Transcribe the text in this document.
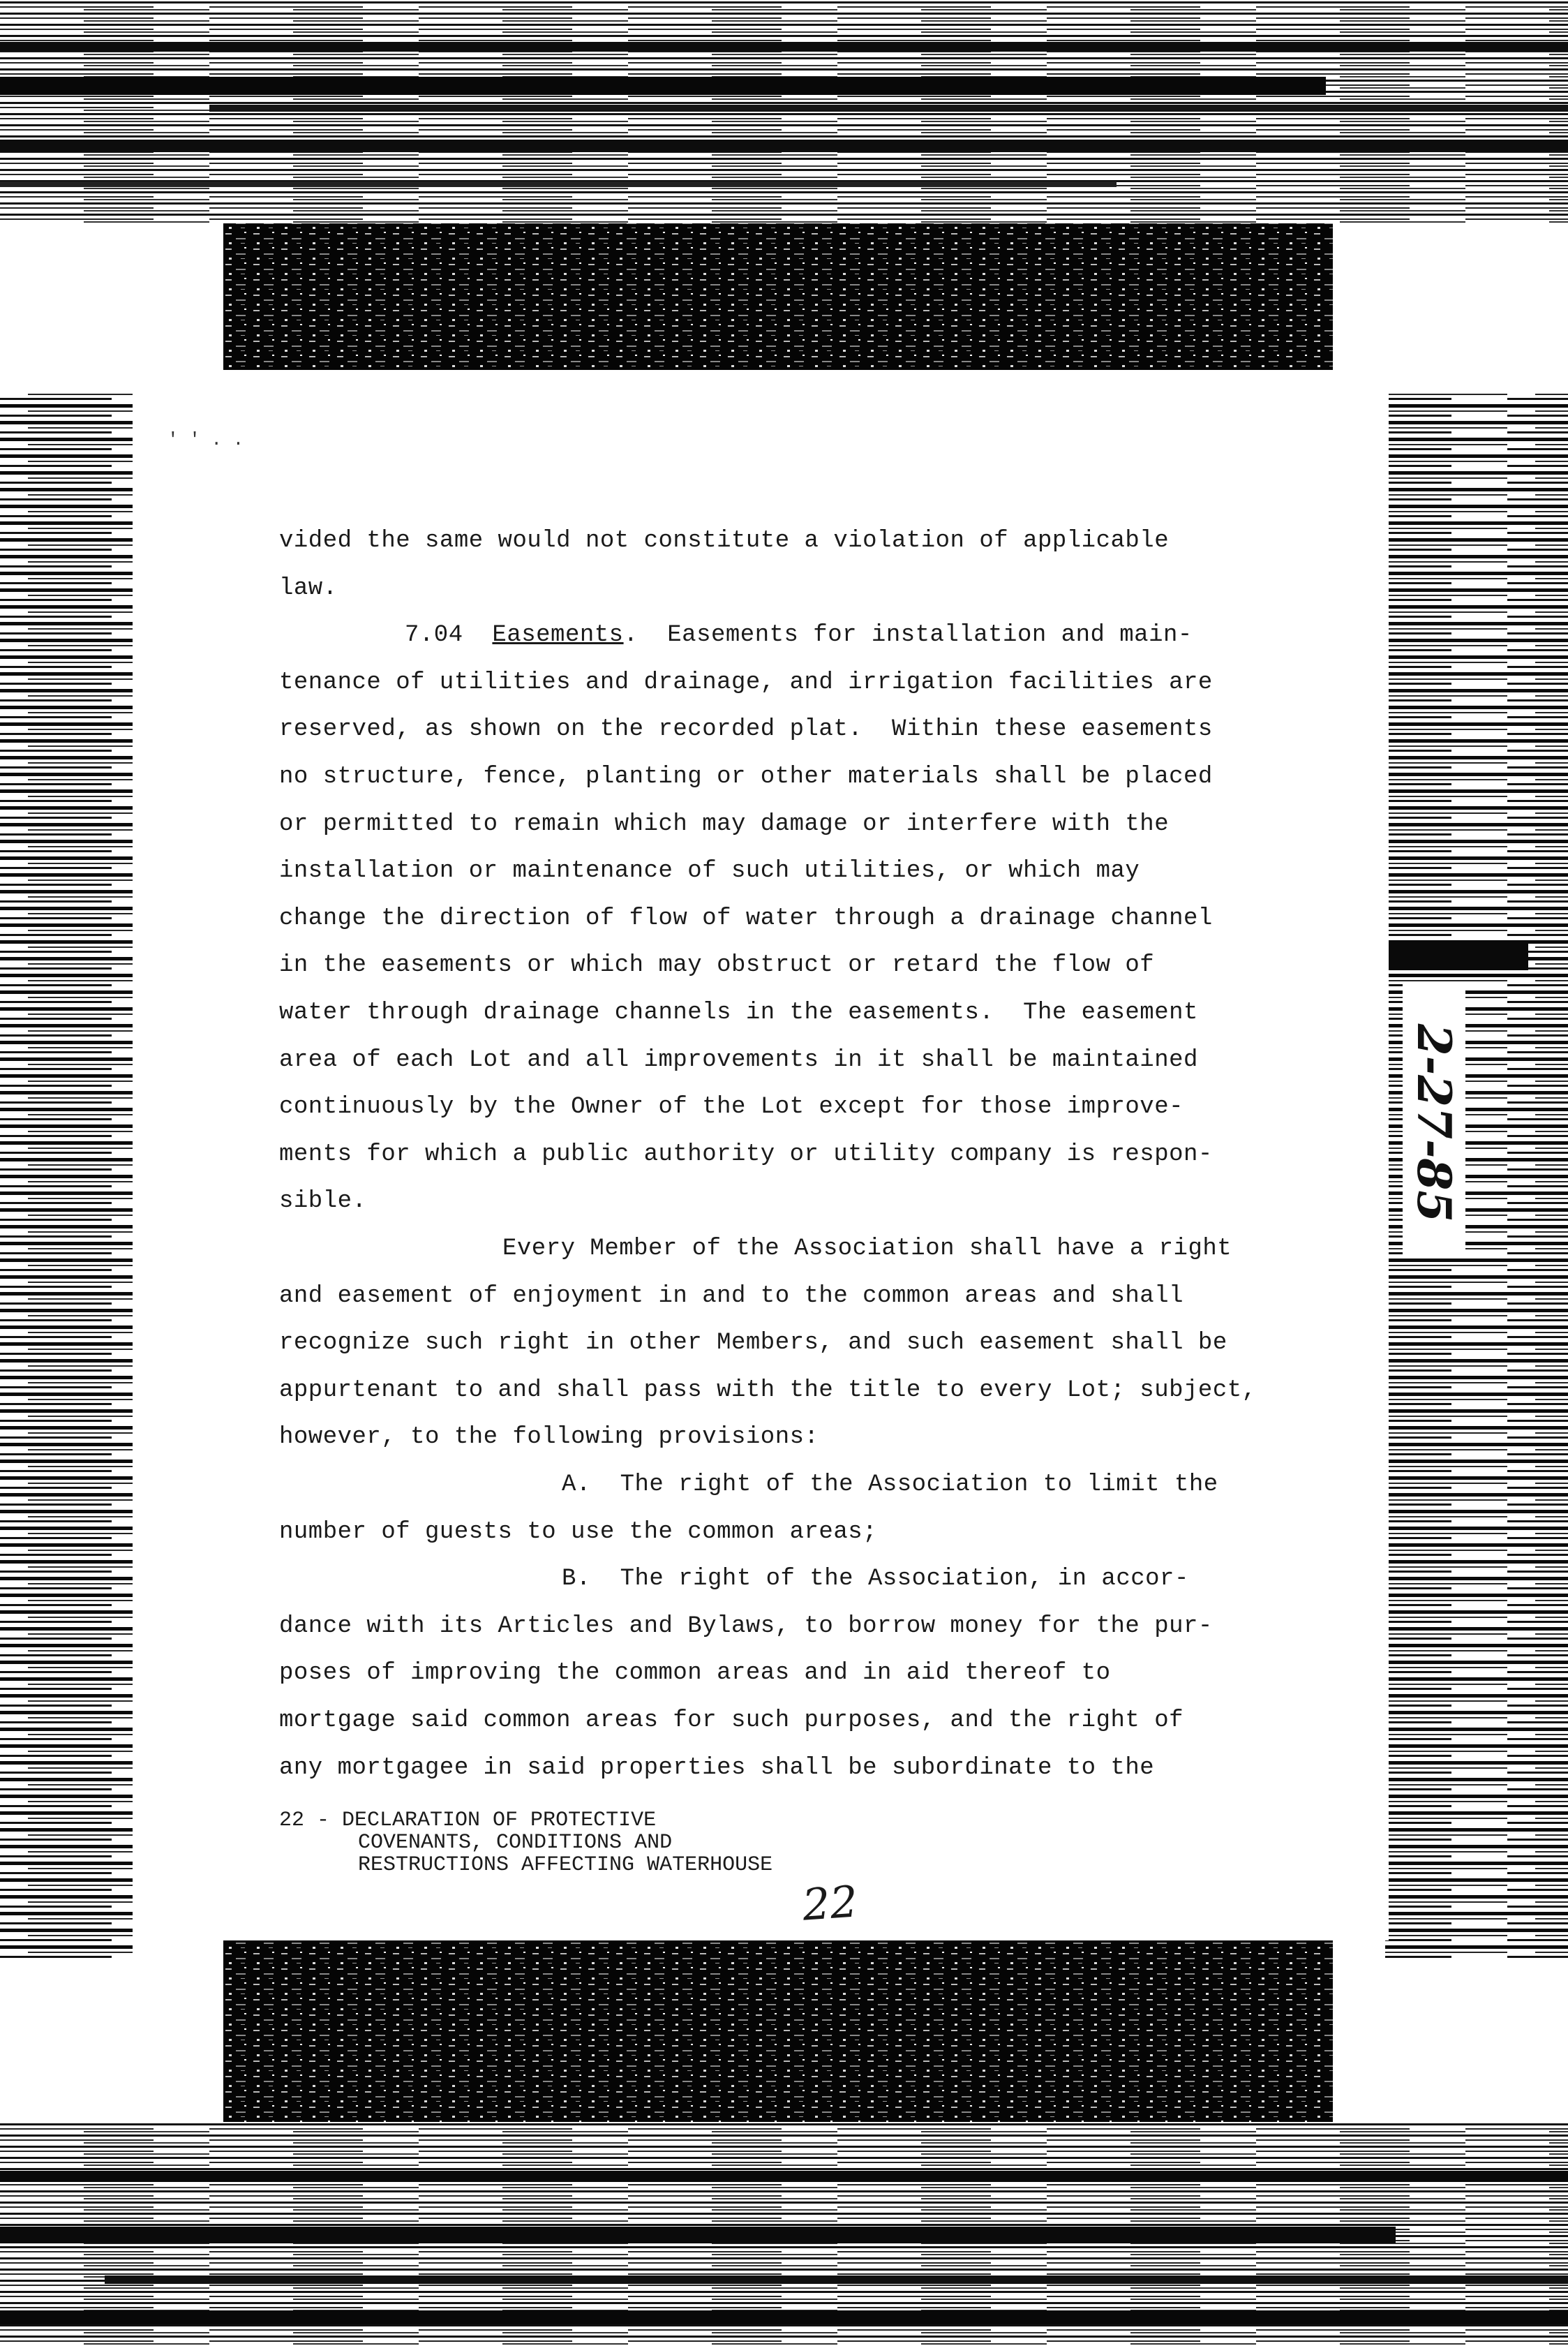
' ' . .
vided the same would not constitute a violation of applicable
law.
7.04  Easements.  Easements for installation and main-
tenance of utilities and drainage, and irrigation facilities are
reserved, as shown on the recorded plat.  Within these easements
no structure, fence, planting or other materials shall be placed
or permitted to remain which may damage or interfere with the
installation or maintenance of such utilities, or which may
change the direction of flow of water through a drainage channel
in the easements or which may obstruct or retard the flow of
water through drainage channels in the easements.  The easement
area of each Lot and all improvements in it shall be maintained
continuously by the Owner of the Lot except for those improve-
ments for which a public authority or utility company is respon-
sible.
Every Member of the Association shall have a right
and easement of enjoyment in and to the common areas and shall
recognize such right in other Members, and such easement shall be
appurtenant to and shall pass with the title to every Lot; subject,
however, to the following provisions:
A.  The right of the Association to limit the
number of guests to use the common areas;
B.  The right of the Association, in accor-
dance with its Articles and Bylaws, to borrow money for the pur-
poses of improving the common areas and in aid thereof to
mortgage said common areas for such purposes, and the right of
any mortgagee in said properties shall be subordinate to the
22 - DECLARATION OF PROTECTIVE
COVENANTS, CONDITIONS AND
RESTRUCTIONS AFFECTING WATERHOUSE
22
2-27-85
